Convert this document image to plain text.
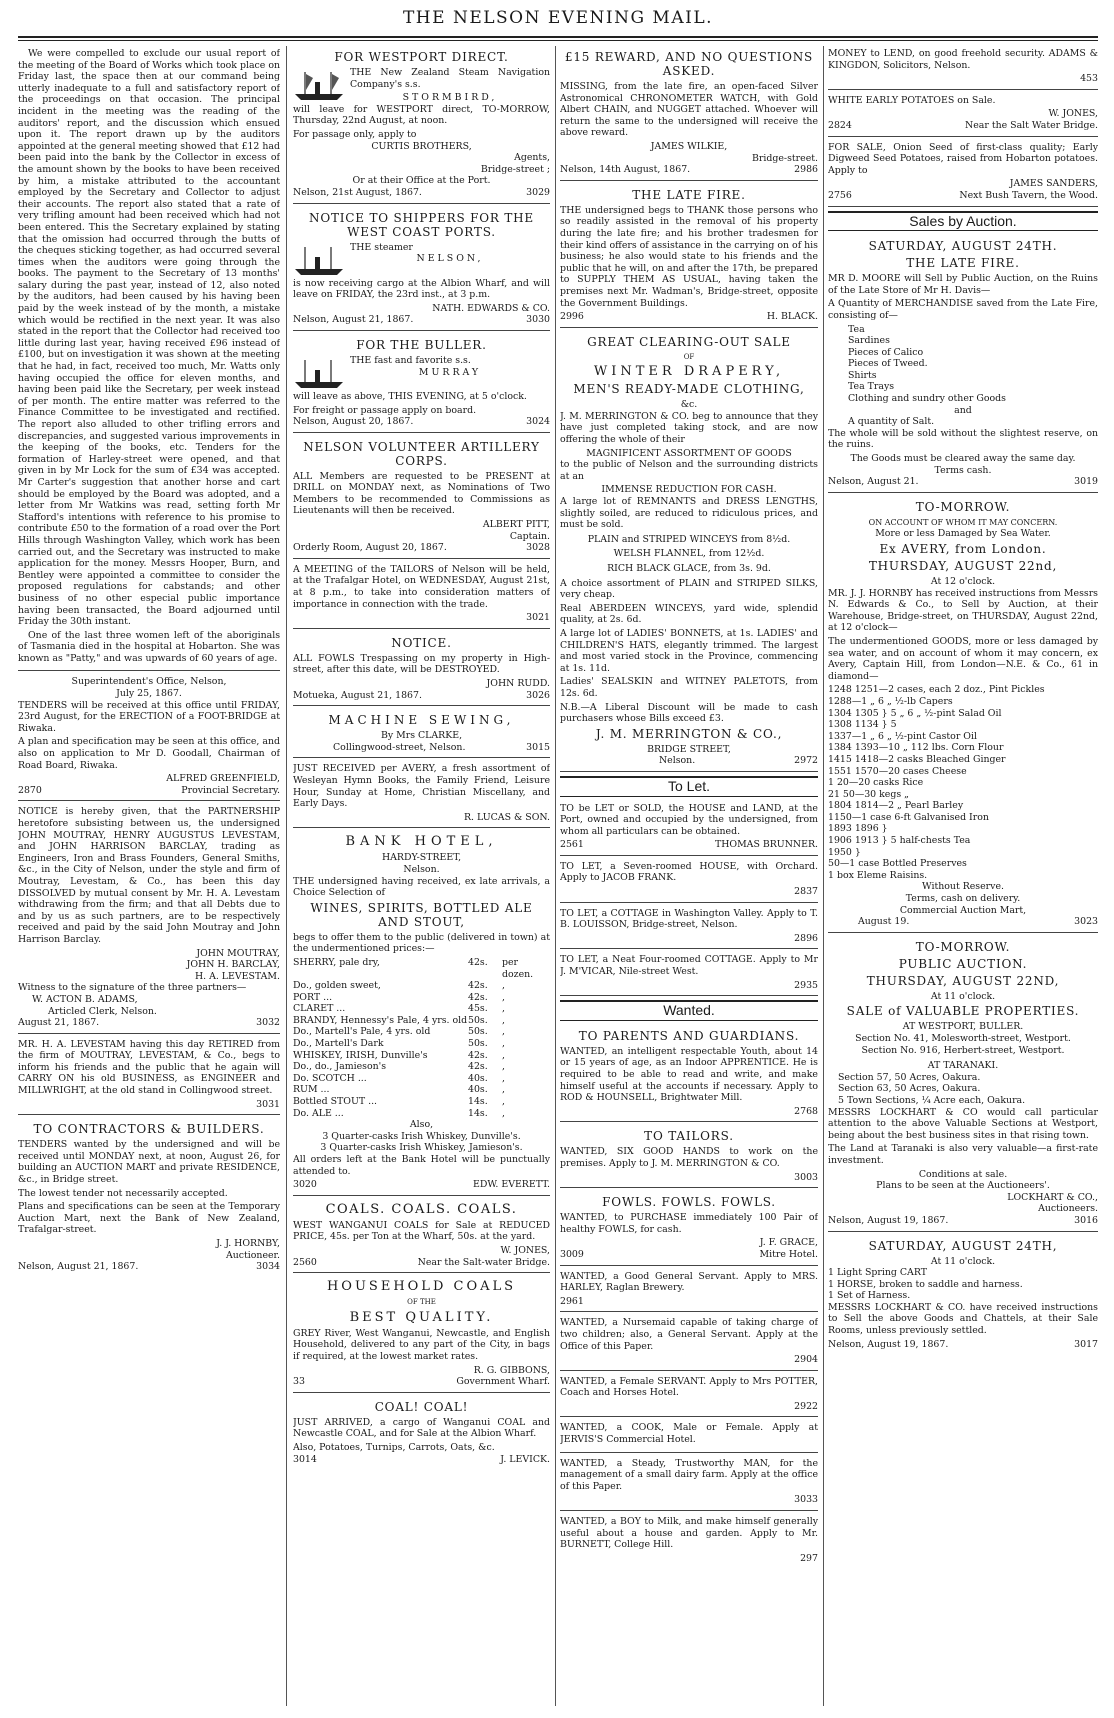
THE NELSON EVENING MAIL.

We were compelled to exclude our usual report of the meeting of the Board of Works which took place on Friday last, the space then at our command being utterly inadequate to a full and satisfactory report of the proceedings on that occasion. The principal incident in the meeting was the reading of the auditors' report, and the discussion which ensued upon it. The report drawn up by the auditors appointed at the general meeting showed that £12 had been paid into the bank by the Collector in excess of the amount shown by the books to have been received by him, a mistake attributed to the accountant employed by the Secretary and Collector to adjust their accounts. The report also stated that a rate of very trifling amount had been received which had not been entered. This the Secretary explained by stating that the omission had occurred through the butts of the cheques sticking together, as had occurred several times when the auditors were going through the books. The payment to the Secretary of 13 months' salary during the past year, instead of 12, also noted by the auditors, had been caused by his having been paid by the week instead of by the month, a mistake which would be rectified in the next year. It was also stated in the report that the Collector had received too little during last year, having received £96 instead of £100, but on investigation it was shown at the meeting that he had, in fact, received too much, Mr. Watts only having occupied the office for eleven months, and having been paid like the Secretary, per week instead of per month. The entire matter was referred to the Finance Committee to be investigated and rectified. The report also alluded to other trifling errors and discrepancies, and suggested various improvements in the keeping of the books, etc. Tenders for the formation of Harley-street were opened, and that given in by Mr Lock for the sum of £34 was accepted. Mr Carter's suggestion that another horse and cart should be employed by the Board was adopted, and a letter from Mr Watkins was read, setting forth Mr Stafford's intentions with reference to his promise to contribute £50 to the formation of a road over the Port Hills through Washington Valley, which work has been carried out, and the Secretary was instructed to make application for the money. Messrs Hooper, Burn, and Bentley were appointed a committee to consider the proposed regulations for cabstands; and other business of no other especial public importance having been transacted, the Board adjourned until Friday the 30th instant.

One of the last three women left of the aboriginals of Tasmania died in the hospital at Hobarton. She was known as "Patty," and was upwards of 60 years of age.

Superintendent's Office, Nelson,
July 25, 1867.

TENDERS will be received at this office until FRIDAY, 23rd August, for the ERECTION of a FOOT-BRIDGE at Riwaka.

A plan and specification may be seen at this office, and also on application to Mr D. Goodall, Chairman of Road Board, Riwaka.

ALFRED GREENFIELD,
2870	Provincial Secretary.

NOTICE is hereby given, that the PARTNERSHIP heretofore subsisting between us, the undersigned JOHN MOUTRAY, HENRY AUGUSTUS LEVESTAM, and JOHN HARRISON BARCLAY, trading as Engineers, Iron and Brass Founders, General Smiths, &c., in the City of Nelson, under the style and firm of Moutray, Levestam, & Co., has been this day DISSOLVED by mutual consent by Mr. H. A. Levestam withdrawing from the firm; and that all Debts due to and by us as such partners, are to be respectively received and paid by the said John Moutray and John Harrison Barclay.

JOHN MOUTRAY,
JOHN H. BARCLAY,
H. A. LEVESTAM.
Witness to the signature of the three partners—
W. ACTON B. ADAMS,
Articled Clerk, Nelson.
August 21, 1867.	3032

MR. H. A. LEVESTAM having this day RETIRED from the firm of MOUTRAY, LEVESTAM, & Co., begs to inform his friends and the public that he again will CARRY ON his old BUSINESS, as ENGINEER and MILLWRIGHT, at the old stand in Collingwood street.

3031
TO CONTRACTORS & BUILDERS.

TENDERS wanted by the undersigned and will be received until MONDAY next, at noon, August 26, for building an AUCTION MART and private RESIDENCE, &c., in Bridge street.

The lowest tender not necessarily accepted.

Plans and specifications can be seen at the Temporary Auction Mart, next the Bank of New Zealand, Trafalgar-street.

J. J. HORNBY,
Auctioneer.
Nelson, August 21, 1867.	3034
FOR WESTPORT DIRECT.

THE New Zealand Steam Navigation Company's s.s.

STORMBIRD,

will leave for WESTPORT direct, TO-MORROW, Thursday, 22nd August, at noon.

For passage only, apply to
CURTIS BROTHERS,
Agents,
Bridge-street ;
Or at their Office at the Port.
Nelson, 21st August, 1867.	3029
NOTICE TO SHIPPERS FOR THE WEST COAST PORTS.
THE steamer
NELSON,

is now receiving cargo at the Albion Wharf, and will leave on FRIDAY, the 23rd inst., at 3 p.m.

NATH. EDWARDS & CO.
Nelson, August 21, 1867.	3030
FOR THE BULLER.
THE fast and favorite s.s.
MURRAY

will leave as above, THIS EVENING, at 5 o'clock.

For freight or passage apply on board.
Nelson, August 20, 1867.	3024
NELSON VOLUNTEER ARTILLERY CORPS.

ALL Members are requested to be PRESENT at DRILL on MONDAY next, as Nominations of Two Members to be recommended to Commissions as Lieutenants will then be received.

ALBERT PITT,
Captain.
Orderly Room, August 20, 1867.	3028

A MEETING of the TAILORS of Nelson will be held, at the Trafalgar Hotel, on WEDNESDAY, August 21st, at 8 p.m., to take into consideration matters of importance in connection with the trade.

3021
NOTICE.

ALL FOWLS Trespassing on my property in High-street, after this date, will be DESTROYED.

JOHN RUDD.
Motueka, August 21, 1867.	3026
MACHINE SEWING,
By Mrs CLARKE,
Collingwood-street, Nelson.	3015

JUST RECEIVED per AVERY, a fresh assortment of Wesleyan Hymn Books, the Family Friend, Leisure Hour, Sunday at Home, Christian Miscellany, and Early Days.

R. LUCAS & SON.
BANK HOTEL,
HARDY-STREET,
Nelson.

THE undersigned having received, ex late arrivals, a Choice Selection of

WINES, SPIRITS, BOTTLED ALE AND STOUT,

begs to offer them to the public (delivered in town) at the undermentioned prices:—

SHERRY, pale dry,	42s.	per dozen.
Do., golden sweet,	42s.	,
PORT ...	42s.	,
CLARET ...	45s.	,
BRANDY, Hennessy's Pale, 4 yrs. old 50s.	,
Do., Martell's Pale, 4 yrs. old	50s.	,
Do., Martell's Dark	50s.	,
WHISKEY, IRISH, Dunville's	42s.	,
Do., do., Jamieson's	42s.	,
Do. SCOTCH ...	40s.	,
RUM ...	40s.	,
Bottled STOUT ...	14s.	,
Do. ALE ...	14s.	,
Also,
3 Quarter-casks Irish Whiskey, Dunville's.
3 Quarter-casks Irish Whiskey, Jamieson's.

All orders left at the Bank Hotel will be punctually attended to.

3020	EDW. EVERETT.
COALS. COALS. COALS.

WEST WANGANUI COALS for Sale at REDUCED PRICE, 45s. per Ton at the Wharf, 50s. at the yard.

W. JONES,
2560	Near the Salt-water Bridge.
HOUSEHOLD COALS
OF THE
BEST QUALITY.

GREY River, West Wanganui, Newcastle, and English Household, delivered to any part of the City, in bags if required, at the lowest market rates.

R. G. GIBBONS,
33	Government Wharf.
COAL! COAL!

JUST ARRIVED, a cargo of Wanganui COAL and Newcastle COAL, and for Sale at the Albion Wharf.

Also, Potatoes, Turnips, Carrots, Oats, &c.
3014	J. LEVICK.
£15 REWARD, AND NO QUESTIONS ASKED.

MISSING, from the late fire, an open-faced Silver Astronomical CHRONOMETER WATCH, with Gold Albert CHAIN, and NUGGET attached. Whoever will return the same to the undersigned will receive the above reward.

JAMES WILKIE,
Bridge-street.
Nelson, 14th August, 1867.	2986
THE LATE FIRE.

THE undersigned begs to THANK those persons who so readily assisted in the removal of his property during the late fire; and his brother tradesmen for their kind offers of assistance in the carrying on of his business; he also would state to his friends and the public that he will, on and after the 17th, be prepared to SUPPLY THEM AS USUAL, having taken the premises next Mr. Wadman's, Bridge-street, opposite the Government Buildings.

2996	H. BLACK.
GREAT CLEARING-OUT SALE
OF
WINTER DRAPERY,
MEN'S READY-MADE CLOTHING,
&c.

J. M. MERRINGTON & CO. beg to announce that they have just completed taking stock, and are now offering the whole of their

MAGNIFICENT ASSORTMENT OF GOODS

to the public of Nelson and the surrounding districts at an

IMMENSE REDUCTION FOR CASH.

A large lot of REMNANTS and DRESS LENGTHS, slightly soiled, are reduced to ridiculous prices, and must be sold.

PLAIN and STRIPED WINCEYS from 8½d.
WELSH FLANNEL, from 12½d.
RICH BLACK GLACE, from 3s. 9d.

A choice assortment of PLAIN and STRIPED SILKS, very cheap.

Real ABERDEEN WINCEYS, yard wide, splendid quality, at 2s. 6d.

A large lot of LADIES' BONNETS, at 1s. LADIES' and CHILDREN'S HATS, elegantly trimmed. The largest and most varied stock in the Province, commencing at 1s. 11d.

Ladies' SEALSKIN and WITNEY PALETOTS, from 12s. 6d.

N.B.—A Liberal Discount will be made to cash purchasers whose Bills exceed £3.

J. M. MERRINGTON & CO.,
BRIDGE STREET,
Nelson.	2972
To Let.

TO be LET or SOLD, the HOUSE and LAND, at the Port, owned and occupied by the undersigned, from whom all particulars can be obtained.

2561	THOMAS BRUNNER.

TO LET, a Seven-roomed HOUSE, with Orchard. Apply to JACOB FRANK.

2837

TO LET, a COTTAGE in Washington Valley. Apply to T. B. LOUISSON, Bridge-street, Nelson.

2896

TO LET, a Neat Four-roomed COTTAGE. Apply to Mr J. M'VICAR, Nile-street West.

2935
Wanted.
TO PARENTS AND GUARDIANS.

WANTED, an intelligent respectable Youth, about 14 or 15 years of age, as an Indoor APPRENTICE. He is required to be able to read and write, and make himself useful at the accounts if necessary. Apply to ROD & HOUNSELL, Brightwater Mill.

2768
TO TAILORS.

WANTED, SIX GOOD HANDS to work on the premises. Apply to J. M. MERRINGTON & CO.

3003
FOWLS. FOWLS. FOWLS.

WANTED, to PURCHASE immediately 100 Pair of healthy FOWLS, for cash.

J. F. GRACE,
3009	Mitre Hotel.

WANTED, a Good General Servant. Apply to MRS. HARLEY, Raglan Brewery.

2961

WANTED, a Nursemaid capable of taking charge of two children; also, a General Servant. Apply at the Office of this Paper.

2904

WANTED, a Female SERVANT. Apply to Mrs POTTER, Coach and Horses Hotel.

2922

WANTED, a COOK, Male or Female. Apply at JERVIS'S Commercial Hotel.

WANTED, a Steady, Trustworthy MAN, for the management of a small dairy farm. Apply at the office of this Paper.

3033

WANTED, a BOY to Milk, and make himself generally useful about a house and garden. Apply to Mr. BURNETT, College Hill.

297

MONEY to LEND, on good freehold security. ADAMS & KINGDON, Solicitors, Nelson.

453

WHITE EARLY POTATOES on Sale.

W. JONES,
2824	Near the Salt Water Bridge.

FOR SALE, Onion Seed of first-class quality; Early Digweed Seed Potatoes, raised from Hobarton potatoes. Apply to

JAMES SANDERS,
2756	Next Bush Tavern, the Wood.
Sales by Auction.
SATURDAY, AUGUST 24TH.
THE LATE FIRE.

MR D. MOORE will Sell by Public Auction, on the Ruins of the Late Store of Mr H. Davis—

A Quantity of MERCHANDISE saved from the Late Fire, consisting of—

Tea
Sardines
Pieces of Calico
Pieces of Tweed.
Shirts
Tea Trays
Clothing and sundry other Goods
and
A quantity of Salt.

The whole will be sold without the slightest reserve, on the ruins.

The Goods must be cleared away the same day.
Terms cash.
Nelson, August 21.	3019
TO-MORROW.
ON ACCOUNT OF WHOM IT MAY CONCERN.
More or less Damaged by Sea Water.
Ex AVERY, from London.
THURSDAY, AUGUST 22nd,
At 12 o'clock.

MR. J. J. HORNBY has received instructions from Messrs N. Edwards & Co., to Sell by Auction, at their Warehouse, Bridge-street, on THURSDAY, August 22nd, at 12 o'clock—

The undermentioned GOODS, more or less damaged by sea water, and on account of whom it may concern, ex Avery, Captain Hill, from London—N.E. & Co., 61 in diamond—

1248 1251—2 cases, each 2 doz., Pint Pickles
1288—1 „ 6 „ ½-lb Capers
1304 1305 } 5 „ 6 „ ½-pint Salad Oil
1308 1134 } 5
1337—1 „ 6 „ ½-pint Castor Oil
1384 1393—10 „ 112 lbs. Corn Flour
1415 1418—2 casks Bleached Ginger
1551 1570—20 cases Cheese
1 20—20 casks Rice
21 50—30 kegs „
1804 1814—2 „ Pearl Barley
1150—1 case 6-ft Galvanised Iron
1893 1896 }
1906 1913 } 5 half-chests Tea
1950 }
50—1 case Bottled Preserves
1 box Eleme Raisins.
Without Reserve.
Terms, cash on delivery.
Commercial Auction Mart,
August 19.	3023
TO-MORROW.
PUBLIC AUCTION.
THURSDAY, AUGUST 22ND,
At 11 o'clock.
SALE of VALUABLE PROPERTIES.
AT WESTPORT, BULLER.
Section No. 41, Molesworth-street, Westport.
Section No. 916, Herbert-street, Westport.
AT TARANAKI.
Section 57, 50 Acres, Oakura.
Section 63, 50 Acres, Oakura.
5 Town Sections, ¼ Acre each, Oakura.

MESSRS LOCKHART & CO would call particular attention to the above Valuable Sections at Westport, being about the best business sites in that rising town.

The Land at Taranaki is also very valuable—a first-rate investment.

Conditions at sale.
Plans to be seen at the Auctioneers'.
LOCKHART & CO.,
Auctioneers.
Nelson, August 19, 1867.	3016
SATURDAY, AUGUST 24TH,
At 11 o'clock.
1 Light Spring CART
1 HORSE, broken to saddle and harness.
1 Set of Harness.

MESSRS LOCKHART & CO. have received instructions to Sell the above Goods and Chattels, at their Sale Rooms, unless previously settled.

Nelson, August 19, 1867.	3017
